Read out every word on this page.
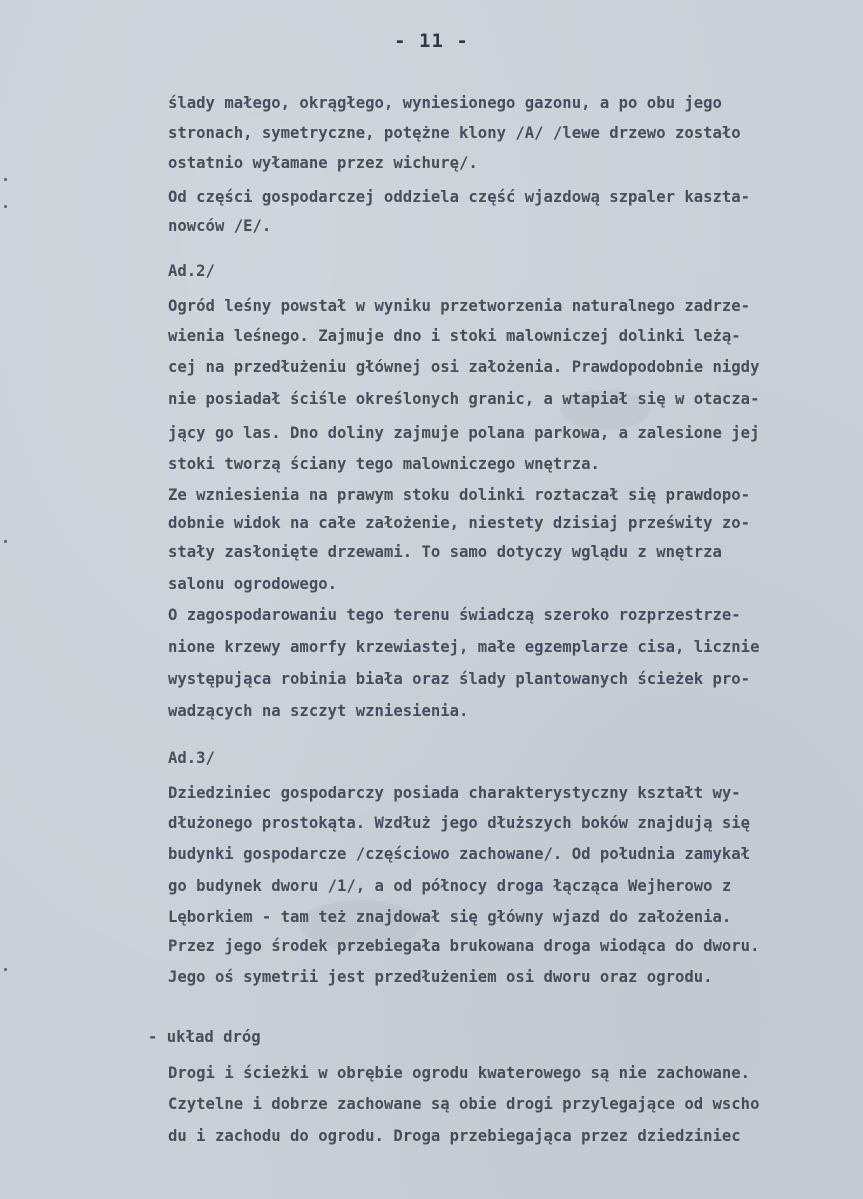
- 11 -
ślady małego, okrągłego, wyniesionego gazonu, a po obu jego
stronach, symetryczne, potężne klony /A/ /lewe drzewo zostało
ostatnio wyłamane przez wichurę/.
Od części gospodarczej oddziela część wjazdową szpaler kaszta-
nowców /E/.
Ad.2/
Ogród leśny powstał w wyniku przetworzenia naturalnego zadrze-
wienia leśnego. Zajmuje dno i stoki malowniczej dolinki leżą-
cej na przedłużeniu głównej osi założenia. Prawdopodobnie nigdy
nie posiadał ściśle określonych granic, a wtapiał się w otacza-
jący go las. Dno doliny zajmuje polana parkowa, a zalesione jej
stoki tworzą ściany tego malowniczego wnętrza.
Ze wzniesienia na prawym stoku dolinki roztaczał się prawdopo-
dobnie widok na całe założenie, niestety dzisiaj prześwity zo-
stały zasłonięte drzewami. To samo dotyczy wglądu z wnętrza
salonu ogrodowego.
O zagospodarowaniu tego terenu świadczą szeroko rozprzestrze-
nione krzewy amorfy krzewiastej, małe egzemplarze cisa, licznie
występująca robinia biała oraz ślady plantowanych ścieżek pro-
wadzących na szczyt wzniesienia.
Ad.3/
Dziedziniec gospodarczy posiada charakterystyczny kształt wy-
dłużonego prostokąta. Wzdłuż jego dłuższych boków znajdują się
budynki gospodarcze /częściowo zachowane/. Od południa zamykał
go budynek dworu /1/, a od północy droga łącząca Wejherowo z
Lęborkiem - tam też znajdował się główny wjazd do założenia.
Przez jego środek przebiegała brukowana droga wiodąca do dworu.
Jego oś symetrii jest przedłużeniem osi dworu oraz ogrodu.
- układ dróg
Drogi i ścieżki w obrębie ogrodu kwaterowego są nie zachowane.
Czytelne i dobrze zachowane są obie drogi przylegające od wscho
du i zachodu do ogrodu. Droga przebiegająca przez dziedziniec
